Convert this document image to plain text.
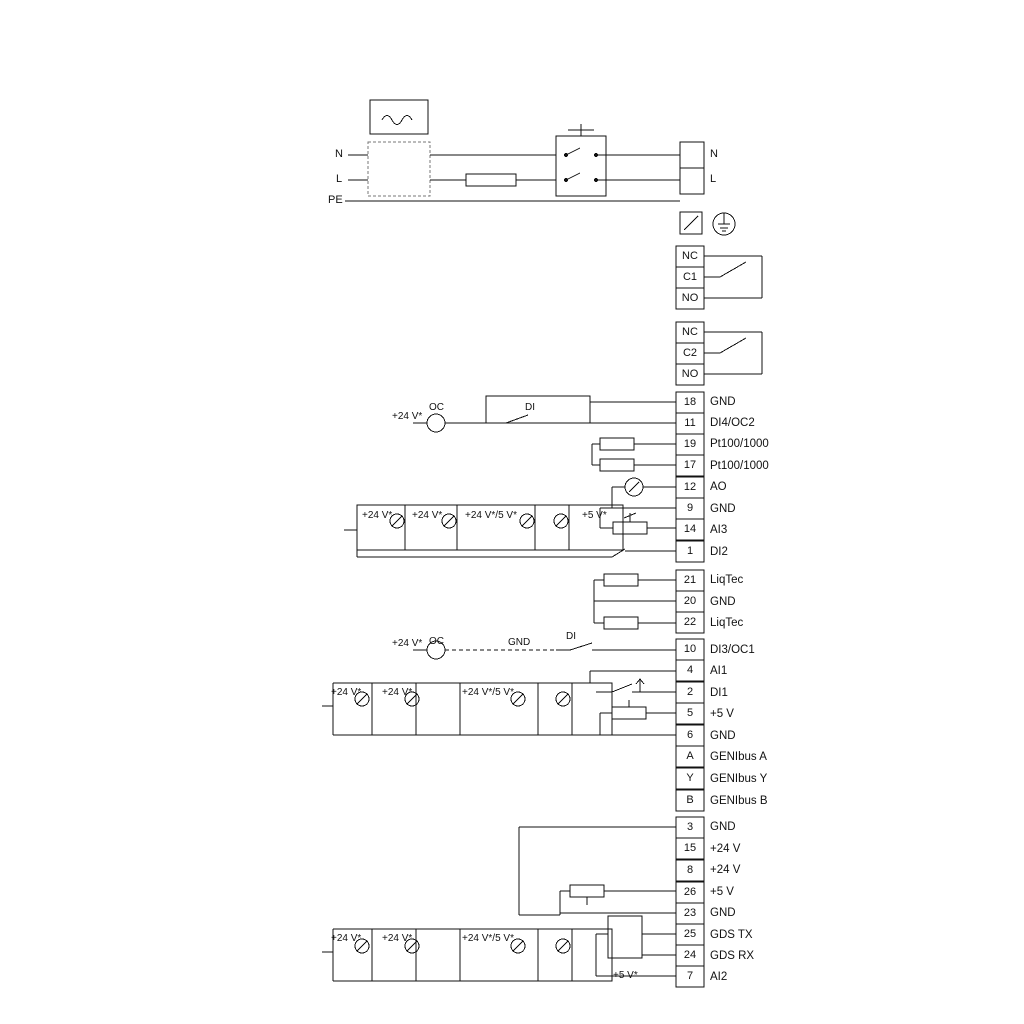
N
L
PE
N
L
NC
C1
NO
NC
C2
NO
18	GND
11	DI4/OC2
19	Pt100/1000
17	Pt100/1000
12	AO
9	GND
14	AI3
1	DI2
21	LiqTec
20	GND
22	LiqTec
10	DI3/OC1
4	AI1
2	DI1
5	+5 V
6	GND
A	GENIbus A
Y	GENIbus Y
B	GENIbus B
3	GND
15	+24 V
8	+24 V
26	+5 V
23	GND
25	GDS TX
24	GDS RX
7	AI2
+24 V*
OC	DI
+24 V* +24 V* +24 V*/5 V*	+5 V*
+24 V* OC	GND
DI
+24 V* +24 V*	+24 V*/5 V*
+24 V* +24 V*	+24 V*/5 V*
+5 V*
